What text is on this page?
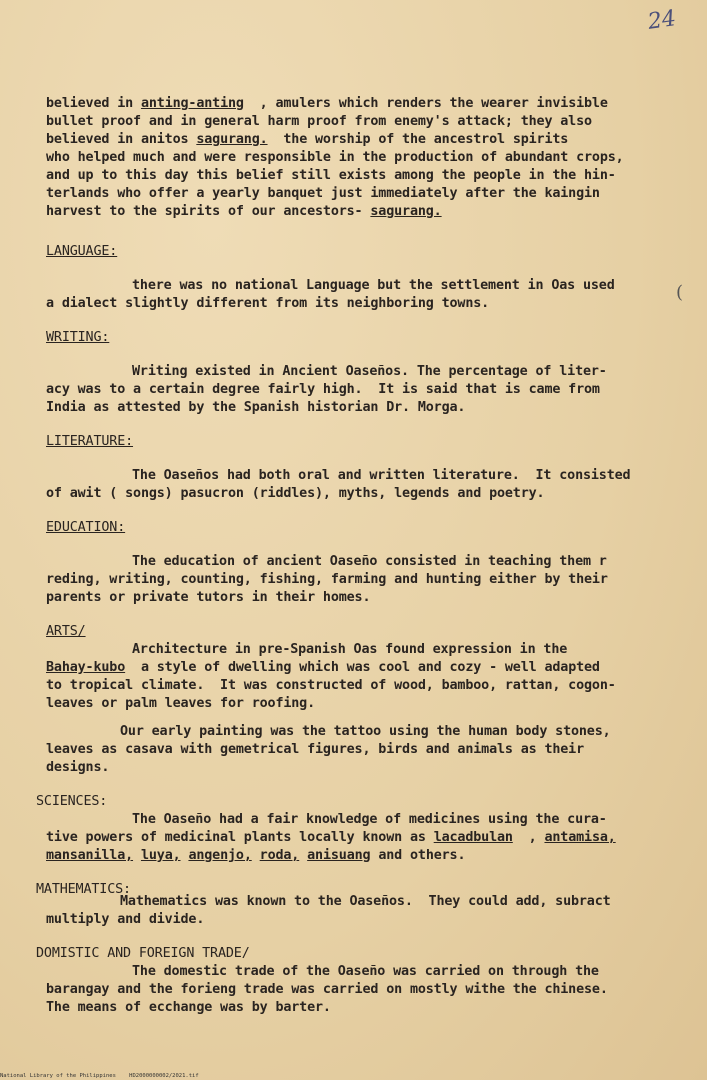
24
believed in anting-anting  , amulers which renders the wearer invisible
bullet proof and in general harm proof from enemy's attack; they also
believed in anitos sagurang.  the worship of the ancestrol spirits
who helped much and were responsible in the production of abundant crops,
and up to this day this belief still exists among the people in the hin-
terlands who offer a yearly banquet just immediately after the kaingin
harvest to the spirits of our ancestors- sagurang.
LANGUAGE:
there was no national Language but the settlement in Oas used
a dialect slightly different from its neighboring towns.
WRITING:
Writing existed in Ancient Oaseños. The percentage of liter-
acy was to a certain degree fairly high.  It is said that is came from
India as attested by the Spanish historian Dr. Morga.
LITERATURE:
The Oaseños had both oral and written literature.  It consisted
of awit ( songs) pasucron (riddles), myths, legends and poetry.
EDUCATION:
The education of ancient Oaseño consisted in teaching them r
reding, writing, counting, fishing, farming and hunting either by their
parents or private tutors in their homes.
ARTS/
Architecture in pre-Spanish Oas found expression in the
Bahay-kubo  a style of dwelling which was cool and cozy - well adapted
to tropical climate.  It was constructed of wood, bamboo, rattan, cogon-
leaves or palm leaves for roofing.
Our early painting was the tattoo using the human body stones,
leaves as casava with gemetrical figures, birds and animals as their
designs.
SCIENCES:
The Oaseño had a fair knowledge of medicines using the cura-
tive powers of medicinal plants locally known as lacadbulan  , antamisa,
mansanilla, luya, angenjo, roda, anisuang and others.
MATHEMATICS:
Mathematics was known to the Oaseños.  They could add, subract
multiply and divide.
DOMISTIC AND FOREIGN TRADE/
The domestic trade of the Oaseño was carried on through the
barangay and the forieng trade was carried on mostly withe the chinese.
The means of ecchange was by barter.
(
National Library of the Philippines    HD2000000002/2021.tif
